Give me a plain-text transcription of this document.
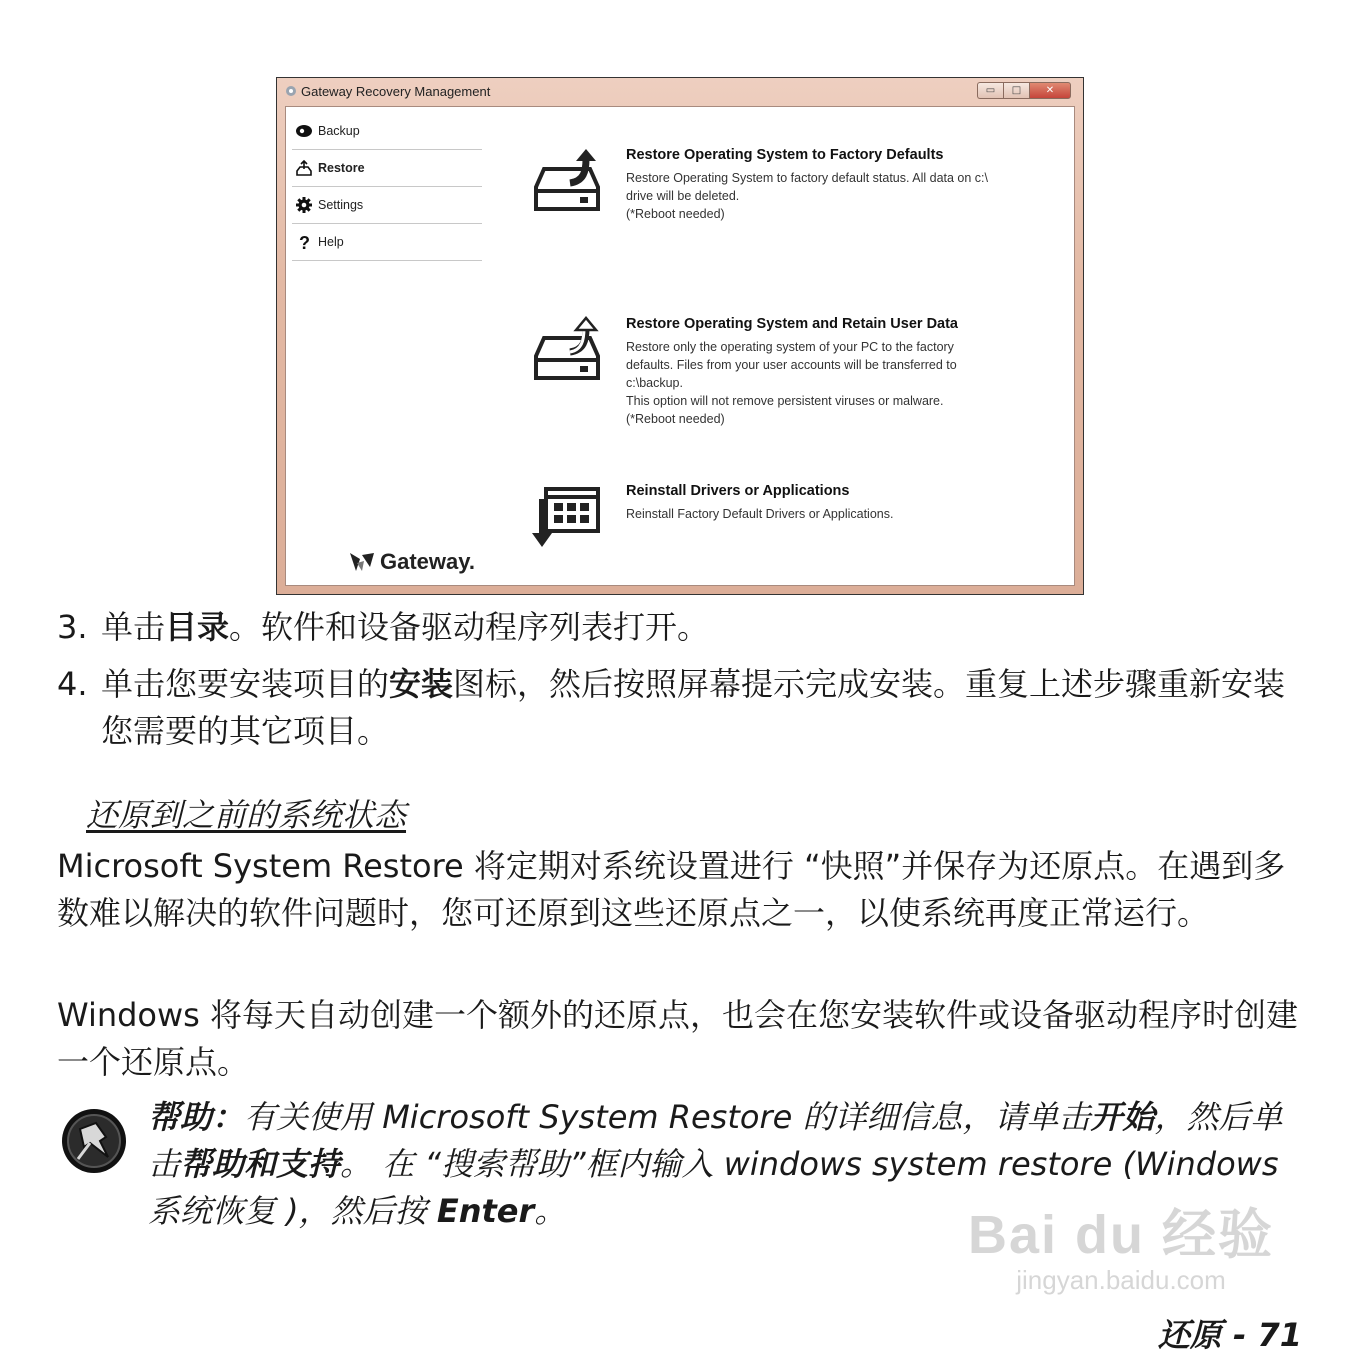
Gateway Recovery Management	▭	□	✕
Backup
Restore
Settings
? Help
Restore Operating System to Factory Defaults

Restore Operating System to factory default status. All data on c:\
drive will be deleted.
(*Reboot needed)

Restore Operating System and Retain User Data

Restore only the operating system of your PC to the factory
defaults. Files from your user accounts will be transferred to
c:\backup.
This option will not remove persistent viruses or malware.
(*Reboot needed)

Reinstall Drivers or Applications

Reinstall Factory Default Drivers or Applications.

Gateway.
3. 单击目录。软件和设备驱动程序列表打开。
4. 单击您要安装项目的安装图标，然后按照屏幕提示完成安装。重复上述步骤重新安装您需要的其它项目。
还原到之前的系统状态
Microsoft System Restore 将定期对系统设置进行 “快照”并保存为还原点。在遇到多数难以解决的软件问题时，您可还原到这些还原点之一，以使系统再度正常运行。
Windows 将每天自动创建一个额外的还原点，也会在您安装软件或设备驱动程序时创建一个还原点。
帮助：有关使用 Microsoft System Restore 的详细信息，请单击开始，然后单击帮助和支持。 在 “搜索帮助”框内输入 windows system restore (Windows 系统恢复 )，然后按 Enter。	Bai du 经验
jingyan.baidu.com
还原 - 71
